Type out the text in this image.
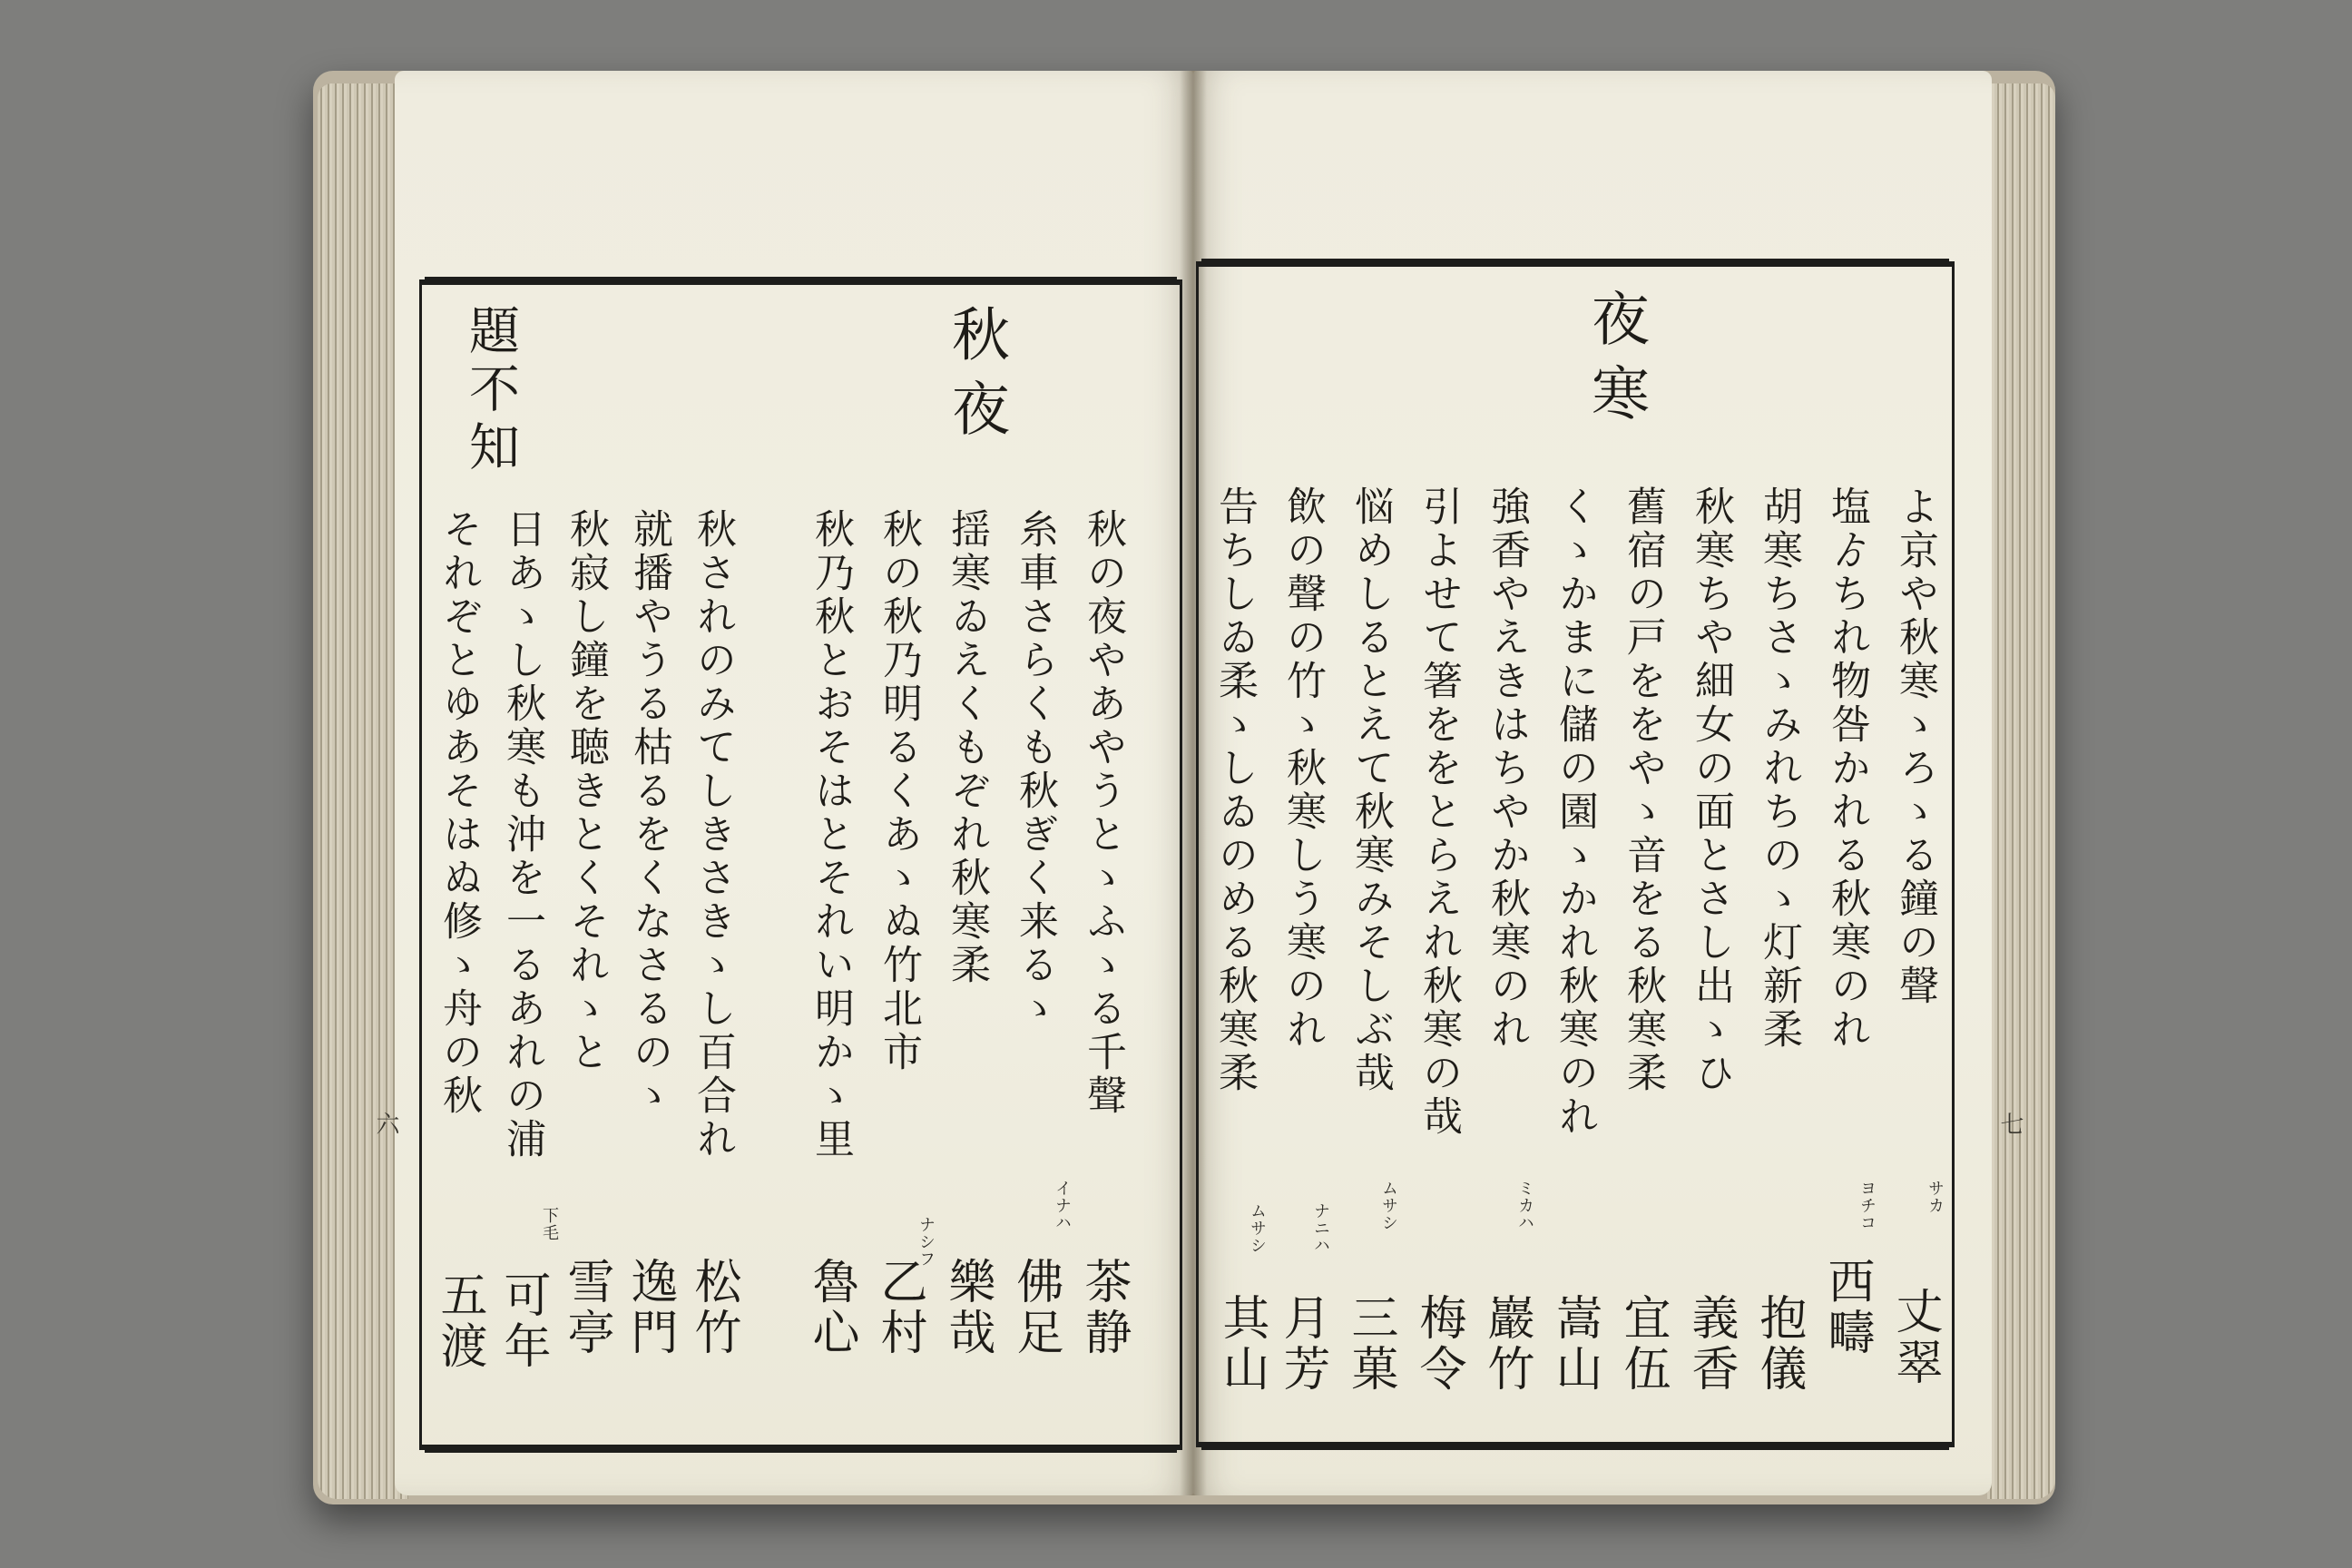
夜寒
よ京や秋寒ゝろゝる鐘の聲
塩ゟちれ物咎かれる秋寒のれ
胡寒ちさゝみれちのゝ灯新柔
秋寒ちや細女の面とさし出ゝひ
舊宿の戸ををやゝ音をる秋寒柔
くゝかまに儲の園ゝかれ秋寒のれ
強香やえきはちやか秋寒のれ
引よせて箸ををとらえれ秋寒の哉
悩めしるとえて秋寒みそしぶ哉
飲の聲の竹ゝ秋寒しう寒のれ
告ちしゐ柔ゝしゐのめる秋寒柔
丈翠
西疇
抱儀
義香
宜伍
嵩山
巖竹
梅令
三菓
月芳
其山
サカ
ヨチコ
ミカハ
ムサシ
ナニハ
ムサシ
七
秋夜
秋の夜やあやうとゝふゝる千聲
糸車さらくも秋ぎく来るゝ
揺寒ゐえくもぞれ秋寒柔
秋の秋乃明るくあゝぬ竹北市
秋乃秋とおそはとそれい明かゝ里
茶静
佛足
樂哉
乙村
魯心
イナハ
ナシフ
題不知
秋されのみてしきさきゝし百合れ
就播やうる枯るをくなさるのゝ
秋寂し鐘を聴きとくそれゝと
日あゝし秋寒も沖を一るあれの浦
それぞとゆあそはぬ修ゝ舟の秋
松竹
逸門
雪亭
可年
五渡
下毛
六
